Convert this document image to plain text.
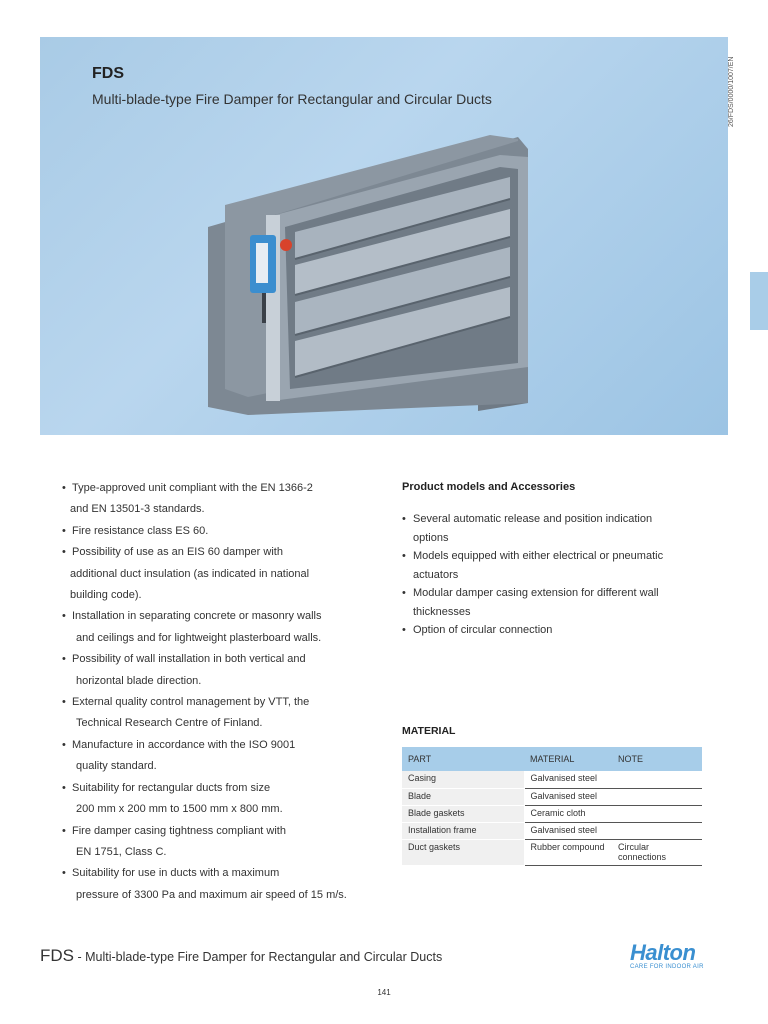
FDS
Multi-blade-type Fire Damper for Rectangular and Circular Ducts	26/FDS/0000/1007/EN
• Type-approved unit compliant with the EN 1366-2
and EN 13501-3 standards.
• Fire resistance class ES 60.
• Possibility of use as an EIS 60 damper with
additional duct insulation (as indicated in national
building code).
• Installation in separating concrete or masonry walls
and ceilings and for lightweight plasterboard walls.
• Possibility of wall installation in both vertical and
horizontal blade direction.
• External quality control management by VTT, the
Technical Research Centre of Finland.
• Manufacture in accordance with the ISO 9001
quality standard.
• Suitability for rectangular ducts from size
200 mm x 200 mm to 1500 mm x 800 mm.
• Fire damper casing tightness compliant with
EN 1751, Class C.
• Suitability for use in ducts with a maximum
pressure of 3300 Pa and maximum air speed of 15 m/s.
Product models and Accessories
• Several automatic release and position indication
options
• Models equipped with either electrical or pneumatic
actuators
• Modular damper casing extension for different wall
thicknesses
• Option of circular connection
MATERIAL
PART	MATERIAL	NOTE
Casing	Galvanised steel	
Blade	Galvanised steel	
Blade gaskets	Ceramic cloth	
Installation frame	Galvanised steel	
Duct gaskets	Rubber compound	Circular connections
FDS - Multi-blade-type Fire Damper for Rectangular and Circular Ducts	Halton
CARE FOR INDOOR AIR
141
